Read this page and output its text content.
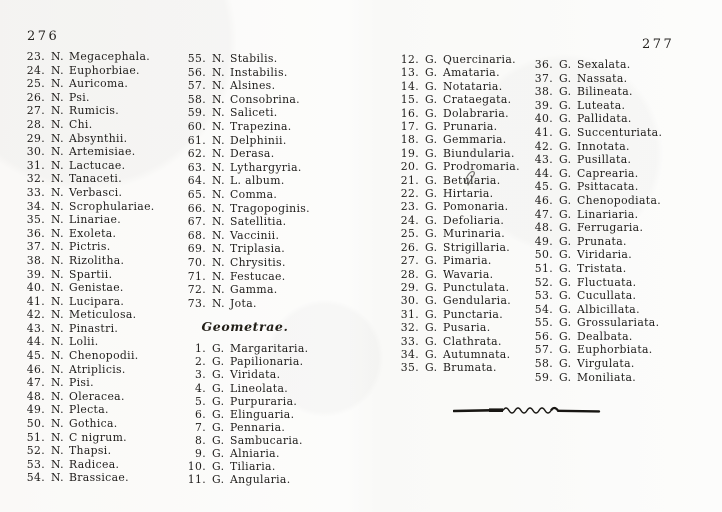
276
277
23. N. Megacephala.
24. N. Euphorbiae.
25. N. Auricoma.
26. N. Psi.
27. N. Rumicis.
28. N. Chi.
29. N. Absynthii.
30. N. Artemisiae.
31. N. Lactucae.
32. N. Tanaceti.
33. N. Verbasci.
34. N. Scrophulariae.
35. N. Linariae.
36. N. Exoleta.
37. N. Pictris.
38. N. Rizolitha.
39. N. Spartii.
40. N. Genistae.
41. N. Lucipara.
42. N. Meticulosa.
43. N. Pinastri.
44. N. Lolii.
45. N. Chenopodii.
46. N. Atriplicis.
47. N. Pisi.
48. N. Oleracea.
49. N. Plecta.
50. N. Gothica.
51. N. C nigrum.
52. N. Thapsi.
53. N. Radicea.
54. N. Brassicae.
55. N. Stabilis.
56. N. Instabilis.
57. N. Alsines.
58. N. Consobrina.
59. N. Saliceti.
60. N. Trapezina.
61. N. Delphinii.
62. N. Derasa.
63. N. Lythargyria.
64. N. L. album.
65. N. Comma.
66. N. Tragopoginis.
67. N. Satellitia.
68. N. Vaccinii.
69. N. Triplasia.
70. N. Chrysitis.
71. N. Festucae.
72. N. Gamma.
73. N. Jota.
Geometrae.
1. G. Margaritaria.
2. G. Papilionaria.
3. G. Viridata.
4. G. Lineolata.
5. G. Purpuraria.
6. G. Elinguaria.
7. G. Pennaria.
8. G. Sambucaria.
9. G. Alniaria.
10. G. Tiliaria.
11. G. Angularia.
12. G. Quercinaria.
13. G. Amataria.
14. G. Notataria.
15. G. Crataegata.
16. G. Dolabraria.
17. G. Prunaria.
18. G. Gemmaria.
19. G. Biundularia.
20. G. Prodromaria.
21. G. Betularia.
22. G. Hirtaria.
23. G. Pomonaria.
24. G. Defoliaria.
25. G. Murinaria.
26. G. Strigillaria.
27. G. Pimaria.
28. G. Wavaria.
29. G. Punctulata.
30. G. Gendularia.
31. G. Punctaria.
32. G. Pusaria.
33. G. Clathrata.
34. G. Autumnata.
35. G. Brumata.
36. G. Sexalata.
37. G. Nassata.
38. G. Bilineata.
39. G. Luteata.
40. G. Pallidata.
41. G. Succenturiata.
42. G. Innotata.
43. G. Pusillata.
44. G. Caprearia.
45. G. Psittacata.
46. G. Chenopodiata.
47. G. Linariaria.
48. G. Ferrugaria.
49. G. Prunata.
50. G. Viridaria.
51. G. Tristata.
52. G. Fluctuata.
53. G. Cucullata.
54. G. Albicillata.
55. G. Grossulariata.
56. G. Dealbata.
57. G. Euphorbiata.
58. G. Virgulata.
59. G. Moniliata.
